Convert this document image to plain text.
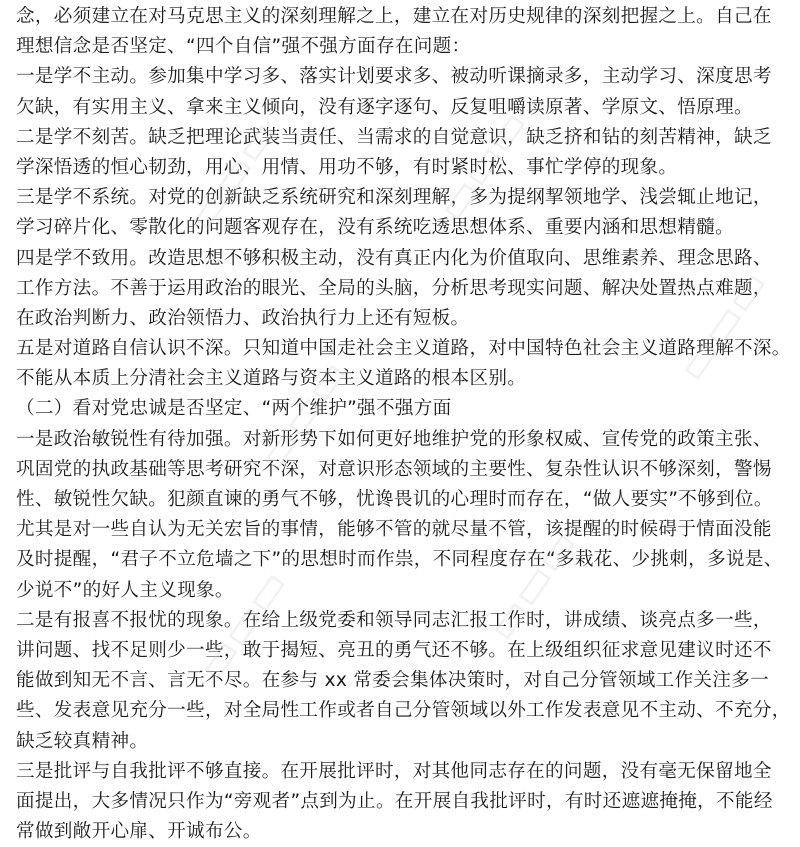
念，必须建立在对马克思主义的深刻理解之上，建立在对历史规律的深刻把握之上。自己在
理想信念是否坚定、“四个自信”强不强方面存在问题：
一是学不主动。参加集中学习多、落实计划要求多、被动听课摘录多，主动学习、深度思考
欠缺，有实用主义、拿来主义倾向，没有逐字逐句、反复咀嚼读原著、学原文、悟原理。
二是学不刻苦。缺乏把理论武装当责任、当需求的自觉意识，缺乏挤和钻的刻苦精神，缺乏
学深悟透的恒心韧劲，用心、用情、用功不够，有时紧时松、事忙学停的现象。
三是学不系统。对党的创新缺乏系统研究和深刻理解，多为提纲挈领地学、浅尝辄止地记，
学习碎片化、零散化的问题客观存在，没有系统吃透思想体系、重要内涵和思想精髓。
四是学不致用。改造思想不够积极主动，没有真正内化为价值取向、思维素养、理念思路、
工作方法。不善于运用政治的眼光、全局的头脑，分析思考现实问题、解决处置热点难题，
在政治判断力、政治领悟力、政治执行力上还有短板。
五是对道路自信认识不深。只知道中国走社会主义道路，对中国特色社会主义道路理解不深。
不能从本质上分清社会主义道路与资本主义道路的根本区别。
（二）看对党忠诚是否坚定、“两个维护”强不强方面
一是政治敏锐性有待加强。对新形势下如何更好地维护党的形象权威、宣传党的政策主张、
巩固党的执政基础等思考研究不深，对意识形态领域的主要性、复杂性认识不够深刻，警惕
性、敏锐性欠缺。犯颜直谏的勇气不够，忧谗畏讥的心理时而存在，“做人要实”不够到位。
尤其是对一些自认为无关宏旨的事情，能够不管的就尽量不管，该提醒的时候碍于情面没能
及时提醒，“君子不立危墙之下”的思想时而作祟，不同程度存在“多栽花、少挑刺，多说是、
少说不”的好人主义现象。
二是有报喜不报忧的现象。在给上级党委和领导同志汇报工作时，讲成绩、谈亮点多一些，
讲问题、找不足则少一些，敢于揭短、亮丑的勇气还不够。在上级组织征求意见建议时还不
能做到知无不言、言无不尽。在参与 xx 常委会集体决策时，对自己分管领域工作关注多一
些、发表意见充分一些，对全局性工作或者自己分管领域以外工作发表意见不主动、不充分，
缺乏较真精神。
三是批评与自我批评不够直接。在开展批评时，对其他同志存在的问题，没有毫无保留地全
面提出，大多情况只作为“旁观者”点到为止。在开展自我批评时，有时还遮遮掩掩，不能经
常做到敞开心扉、开诚布公。
▭▭▭	▭▭▭
▭▭▭
▭▭▭	▭▭▭
▭▭▭
